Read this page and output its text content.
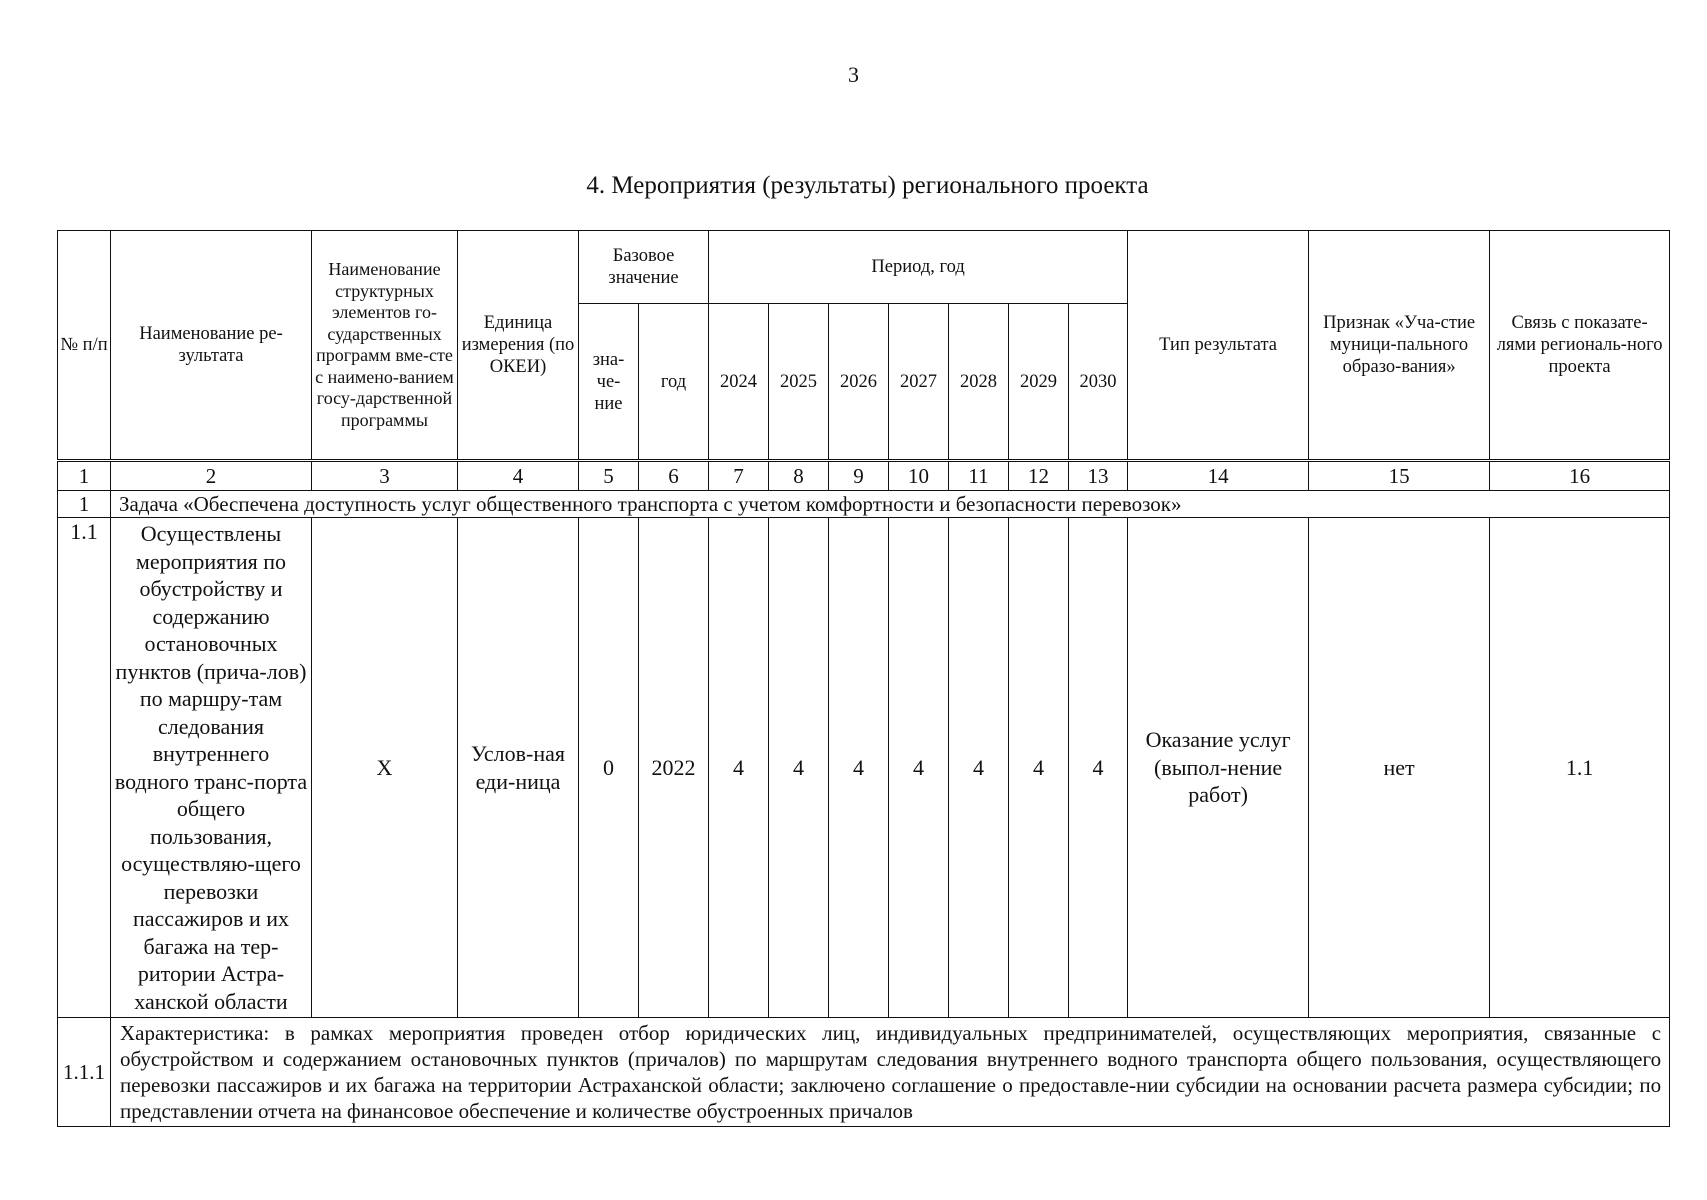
3
4. Мероприятия (результаты) регионального проекта
№ п/п	Наименование ре-зультата	Наименование структурных элементов го-сударственных программ вме-сте с наимено-ванием госу-дарственной программы	Единица измерения (по ОКЕИ)	Базовое значение		Период, год							Тип результата	Признак «Уча-стие муници-пального образо-вания»	Связь с показате-лями региональ-ного проекта
				зна-че-ние	год	2024	2025	2026	2027	2028	2029	2030			
1	2	3	4	5	6	7	8	9	10	11	12	13	14	15	16
1	Задача «Обеспечена доступность услуг общественного транспорта с учетом комфортности и безопасности перевозок»														
1.1	Осуществлены мероприятия по обустройству и содержанию остановочных пунктов (прича-лов) по маршру-там следования внутреннего водного транс-порта общего пользования, осуществляю-щего перевозки пассажиров и их багажа на тер-ритории Астра-ханской области	X	Услов-ная еди-ница	0	2022	4	4	4	4	4	4	4	Оказание услуг (выпол-нение работ)	нет	1.1
1.1.1	Характеристика: в рамках мероприятия проведен отбор юридических лиц, индивидуальных предпринимателей, осуществляющих мероприятия, связанные с обустройством и содержанием остановочных пунктов (причалов) по маршрутам следования внутреннего водного транспорта общего пользования, осуществляющего перевозки пассажиров и их багажа на территории Астраханской области; заключено соглашение о предоставле-нии субсидии на основании расчета размера субсидии; по представлении отчета на финансовое обеспечение и количестве обустроенных причалов														
